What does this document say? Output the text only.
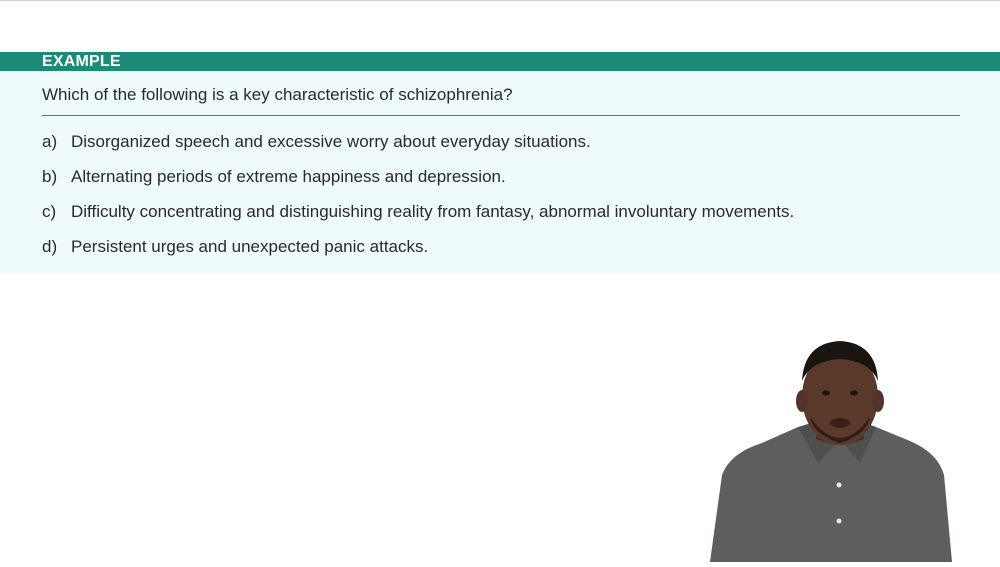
EXAMPLE
Which of the following is a key characteristic of schizophrenia?
a) Disorganized speech and excessive worry about everyday situations.
b) Alternating periods of extreme happiness and depression.
c) Difficulty concentrating and distinguishing reality from fantasy, abnormal involuntary movements.
d) Persistent urges and unexpected panic attacks.
